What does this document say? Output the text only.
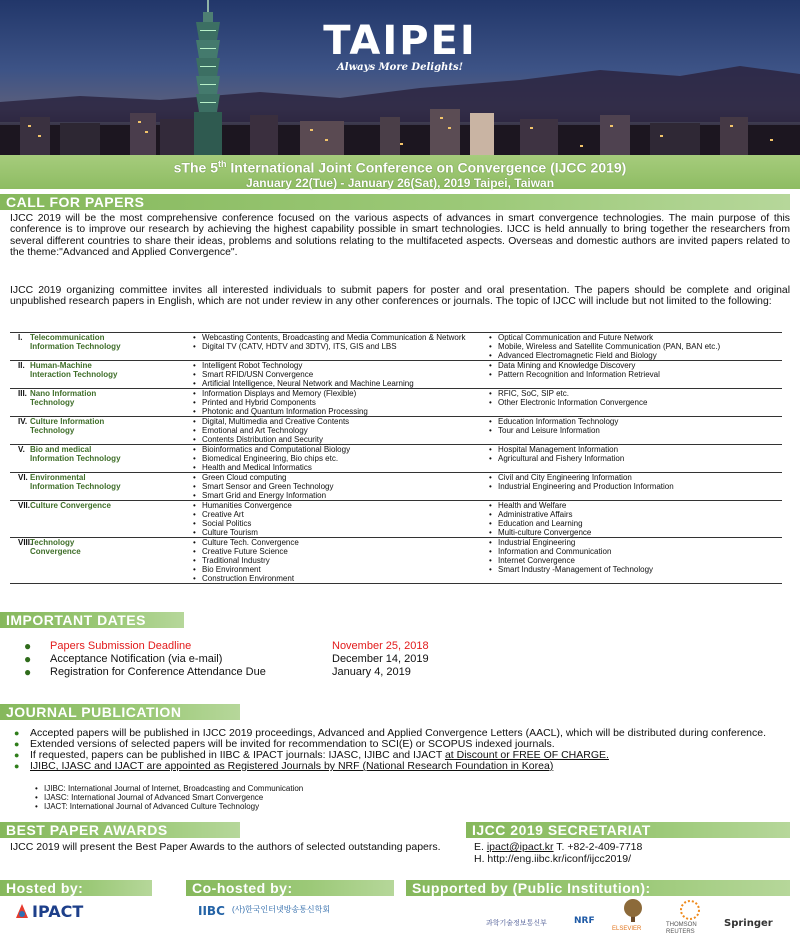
TAIPEI
Always More Delights!
sThe 5th International Joint Conference on Convergence (IJCC 2019)
January 22(Tue) - January 26(Sat), 2019 Taipei, Taiwan
CALL FOR PAPERS
IJCC 2019 will be the most comprehensive conference focused on the various aspects of advances in smart convergence technologies. The main purpose of this conference is to improve our research by achieving the highest capability possible in smart technologies. IJCC is held annually to bring together the researchers from several different countries to share their ideas, problems and solutions relating to the multifaceted aspects. Overseas and domestic authors are invited papers related to the theme:"Advanced and Applied Convergence".
IJCC 2019 organizing committee invites all interested individuals to submit papers for poster and oral presentation. The papers should be complete and original unpublished research papers in English, which are not under review in any other conferences or journals. The topic of IJCC will include but not limited to the following:
I. Telecommunication
Information Technology
• Webcasting Contents, Broadcasting and Media Communication & Network
• Digital TV (CATV, HDTV and 3DTV), ITS, GIS and LBS
• Optical Communication and Future Network
• Mobile, Wireless and Satellite Communication (PAN, BAN etc.)
• Advanced Electromagnetic Field and Biology
II. Human-Machine
Interaction Technology
• Intelligent Robot Technology
• Smart RFID/USN Convergence
• Artificial Intelligence, Neural Network and Machine Learning
• Data Mining and Knowledge Discovery
• Pattern Recognition and Information Retrieval
III. Nano Information
Technology
• Information Displays and Memory (Flexible)
• Printed and Hybrid Components
• Photonic and Quantum Information Processing
• RFIC, SoC, SIP etc.
• Other Electronic Information Convergence
IV. Culture Information
Technology
• Digital, Multimedia and Creative Contents
• Emotional and Art Technology
• Contents Distribution and Security
• Education Information Technology
• Tour and Leisure Information
V. Bio and medical
Information Technology
• Bioinformatics and Computational Biology
• Biomedical Engineering, Bio chips etc.
• Health and Medical Informatics
• Hospital Management Information
• Agricultural and Fishery Information
VI. Environmental
Information Technology
• Green Cloud computing
• Smart Sensor and Green Technology
• Smart Grid and Energy Information
• Civil and City Engineering Information
• Industrial Engineering and Production Information
VII. Culture Convergence
•	Humanities Convergence
• Creative Art
• Social Politics
• Culture Tourism
• Health and Welfare
• Administrative Affairs
• Education and Learning
• Multi-culture Convergence
VIII.
Technology
Convergence
• Culture Tech. Convergence
• Creative Future Science
• Traditional Industry
• Bio Environment
• Construction Environment
• Industrial Engineering
• Information and Communication
• Internet Convergence
• Smart Industry -Management of Technology
IMPORTANT DATES
●	Papers Submission Deadline	November 25, 2018
●	Acceptance Notification (via e-mail)	December 14, 2019
●	Registration for Conference Attendance Due	January 4, 2019
JOURNAL PUBLICATION
● Accepted papers will be published in IJCC 2019 proceedings, Advanced and Applied Convergence Letters (AACL), which will be distributed during conference.
● Extended versions of selected papers will be invited for recommendation to SCI(E) or SCOPUS indexed journals.
● If requested, papers can be published in IIBC & IPACT journals: IJASC, IJIBC and IJACT at Discount or FREE OF CHARGE.
● IJIBC, IJASC and IJACT are appointed as Registered Journals by NRF (National Research Foundation in Korea)
• IJIBC: International Journal of Internet, Broadcasting and Communication
• IJASC: International Journal of Advanced Smart Convergence
• IJACT: International Journal of Advanced Culture Technology
BEST PAPER AWARDS
IJCC 2019 will present the Best Paper Awards to the authors of selected outstanding papers.
IJCC 2019 SECRETARIAT
E. ipact@ipact.kr T. +82-2-409-7718
H. http://eng.iibc.kr/iconf/ijcc2019/
Hosted by:	Co-hosted by:	Supported by (Public Institution):
IPACT	IIBC (사)한국인터넷방송통신학회
과학기술정보통신부	NRF
ELSEVIER
THOMSON REUTERS
Springer
